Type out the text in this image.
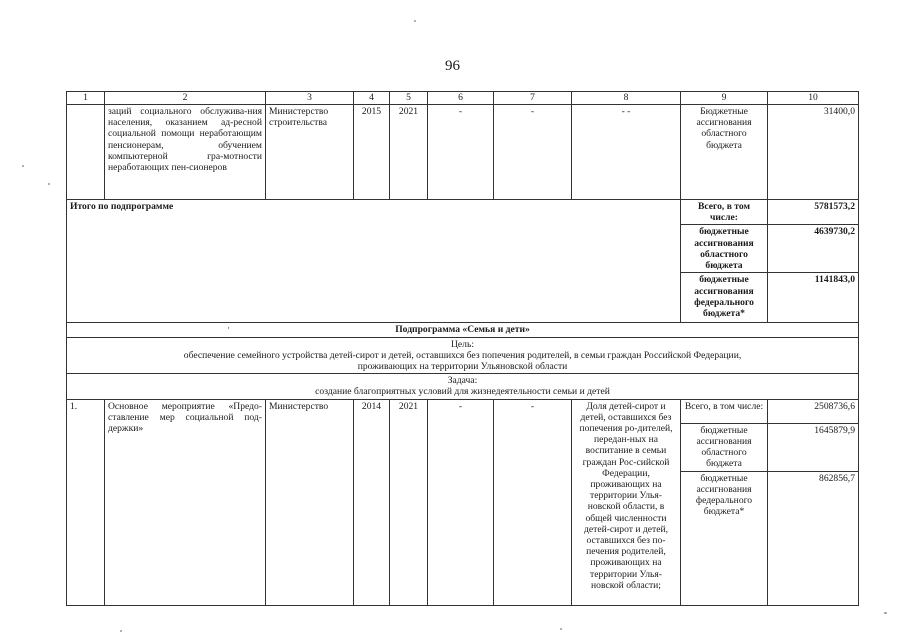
96
1	2	3	4	5	6	7	8	9	10
	заций социального обслужива-ния населения, оказанием ад-ресной социальной помощи неработающим пенсионерам, обучением компьютерной гра-мотности неработающих пен-сионеров	Министерство строительства	2015	2021	-	-	- -	Бюджетные ассигнования областного бюджета	31400,0
Итого по подпрограмме								Всего, в том числе:	5781573,2
								бюджетные ассигнования областного бюджета	4639730,2
								бюджетные ассигнования федерального бюджета*	1141843,0

· Подпрограмма «Семья и дети»									

Цель:
обеспечение семейного устройства детей-сирот и детей, оставшихся без попечения родителей, в семьи граждан Российской Федерации, проживающих на территории Ульяновской области									

Задача:
создание благоприятных условий для жизнедеятельности семьи и детей									

1.	Основное мероприятие «Предо-ставление мер социальной под-держки»	Министерство	2014	2021	-	-	Доля детей-сирот и детей, оставшихся без попечения ро-дителей, передан-ных на воспитание в семьи граждан Рос-сийской Федерации, проживающих на территории Улья-новской области, в общей численности детей-сирот и детей, оставшихся без по-печения родителей, проживающих на территории Улья-новской области;	Всего, в том числе:	2508736,6
								бюджетные ассигнования областного бюджета	1645879,9
								бюджетные ассигнования федерального бюджета*	862856,7
